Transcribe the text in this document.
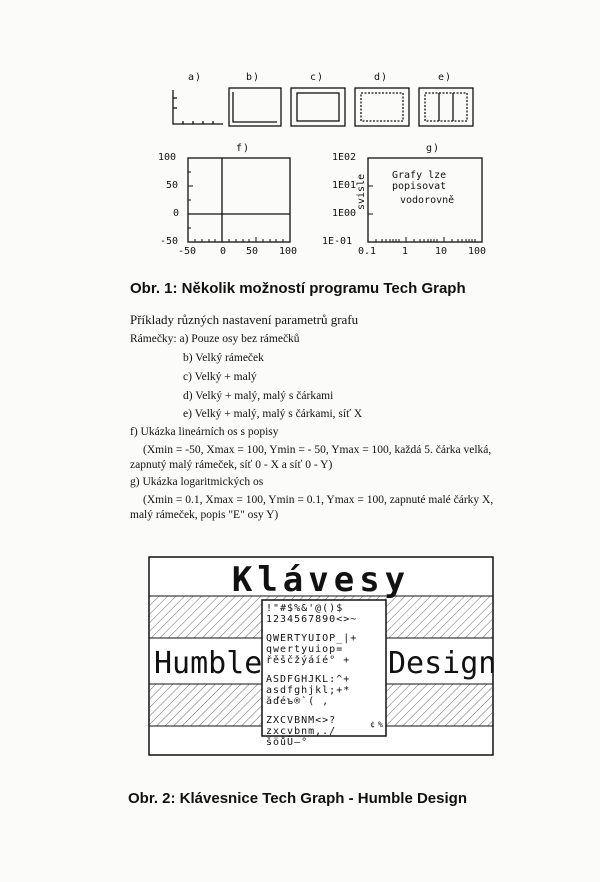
a)	b)	c)	d)	e)
f)	g)
100
50
0
-50
-50 0 50 100
1E02
1E01
1E00
1E-01
Grafy lze
popisovat
vodorovně
svisle
0.1	1	10 100
Obr. 1: Několik možností programu Tech Graph
Příklady různých nastavení parametrů grafu
Rámečky: a) Pouze osy bez rámečků
b) Velký rámeček
c) Velký + malý
d) Velký + malý, malý s čárkami
e) Velký + malý, malý s čárkami, síť X
f) Ukázka lineárních os s popisy
(Xmin = -50, Xmax = 100, Ymin = - 50, Ymax = 100, každá 5. čárka velká,
zapnutý malý rámeček, síť 0 - X a síť 0 - Y)
g) Ukázka logaritmických os
(Xmin = 0.1, Xmax = 100, Ymin = 0.1, Ymax = 100, zapnuté malé čárky X,
malý rámeček, popis "E" osy Y)
Klávesy
Humble	Design
!"#$%&'@()$
1234567890<>~
QWERTYUIOP_|+
qwertyuiop=
řěščžýáíé° +
ASDFGHJKL:^+
asdfghjkl;+*
ăďéъ®`( ,
ZXCVBNM<>?
zxcvbnm,./
šöůÜ—°
¢ %
Obr. 2: Klávesnice Tech Graph - Humble Design
